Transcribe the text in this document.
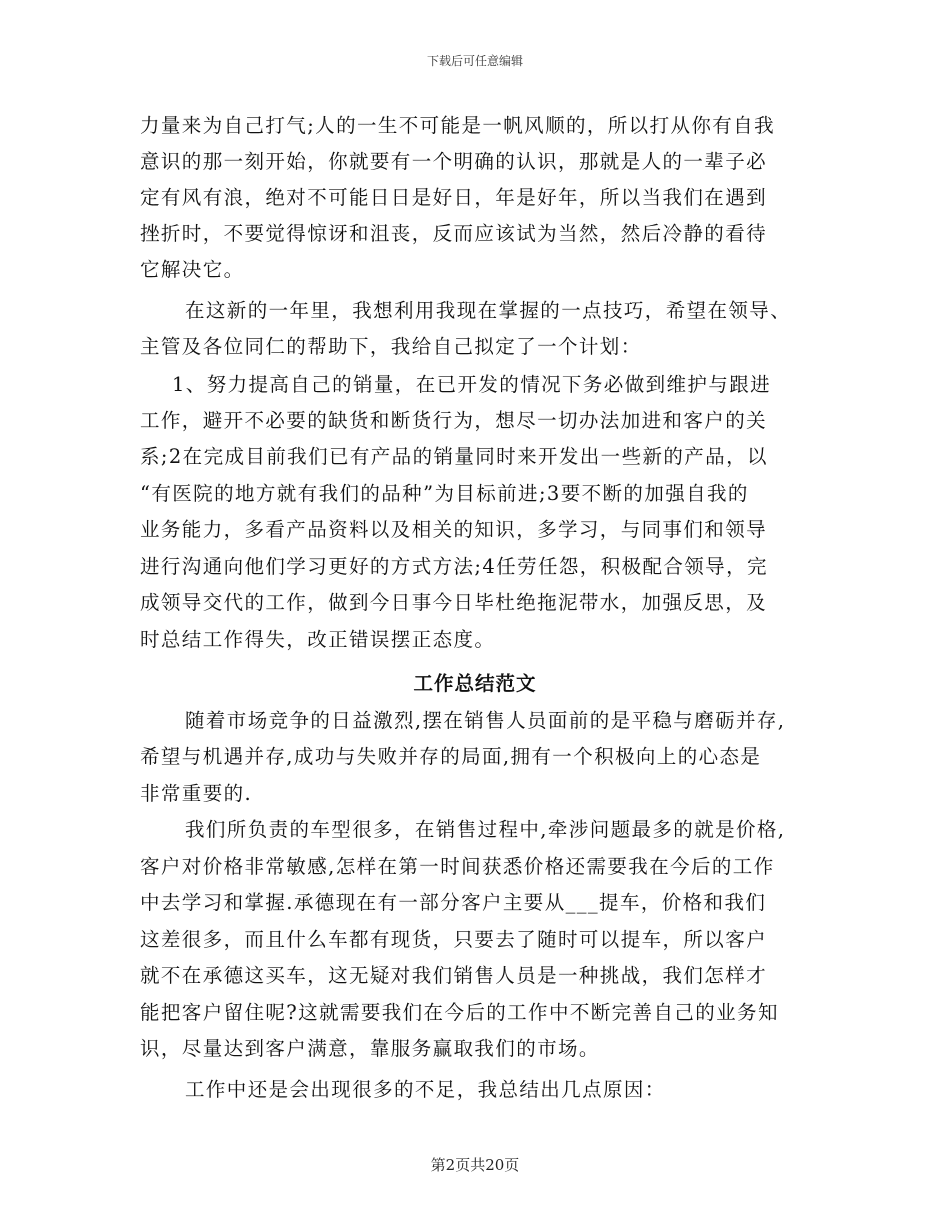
下载后可任意编辑
力量来为自己打气;人的一生不可能是一帆风顺的，所以打从你有自我
意识的那一刻开始，你就要有一个明确的认识，那就是人的一辈子必
定有风有浪，绝对不可能日日是好日，年是好年，所以当我们在遇到
挫折时，不要觉得惊讶和沮丧，反而应该试为当然，然后冷静的看待
它解决它。
在这新的一年里，我想利用我现在掌握的一点技巧，希望在领导、
主管及各位同仁的帮助下，我给自己拟定了一个计划：
1、努力提高自己的销量，在已开发的情况下务必做到维护与跟进
工作，避开不必要的缺货和断货行为，想尽一切办法加进和客户的关
系;2在完成目前我们已有产品的销量同时来开发出一些新的产品，以
“有医院的地方就有我们的品种”为目标前进;3要不断的加强自我的
业务能力，多看产品资料以及相关的知识，多学习，与同事们和领导
进行沟通向他们学习更好的方式方法;4任劳任怨，积极配合领导，完
成领导交代的工作，做到今日事今日毕杜绝拖泥带水，加强反思，及
时总结工作得失，改正错误摆正态度。
工作总结范文
随着市场竞争的日益激烈,摆在销售人员面前的是平稳与磨砺并存,
希望与机遇并存,成功与失败并存的局面,拥有一个积极向上的心态是
非常重要的.
我们所负责的车型很多，在销售过程中,牵涉问题最多的就是价格,
客户对价格非常敏感,怎样在第一时间获悉价格还需要我在今后的工作
中去学习和掌握.承德现在有一部分客户主要从___提车，价格和我们
这差很多，而且什么车都有现货，只要去了随时可以提车，所以客户
就不在承德这买车，这无疑对我们销售人员是一种挑战，我们怎样才
能把客户留住呢?这就需要我们在今后的工作中不断完善自己的业务知
识，尽量达到客户满意，靠服务赢取我们的市场。
工作中还是会出现很多的不足，我总结出几点原因：
第2页共20页
